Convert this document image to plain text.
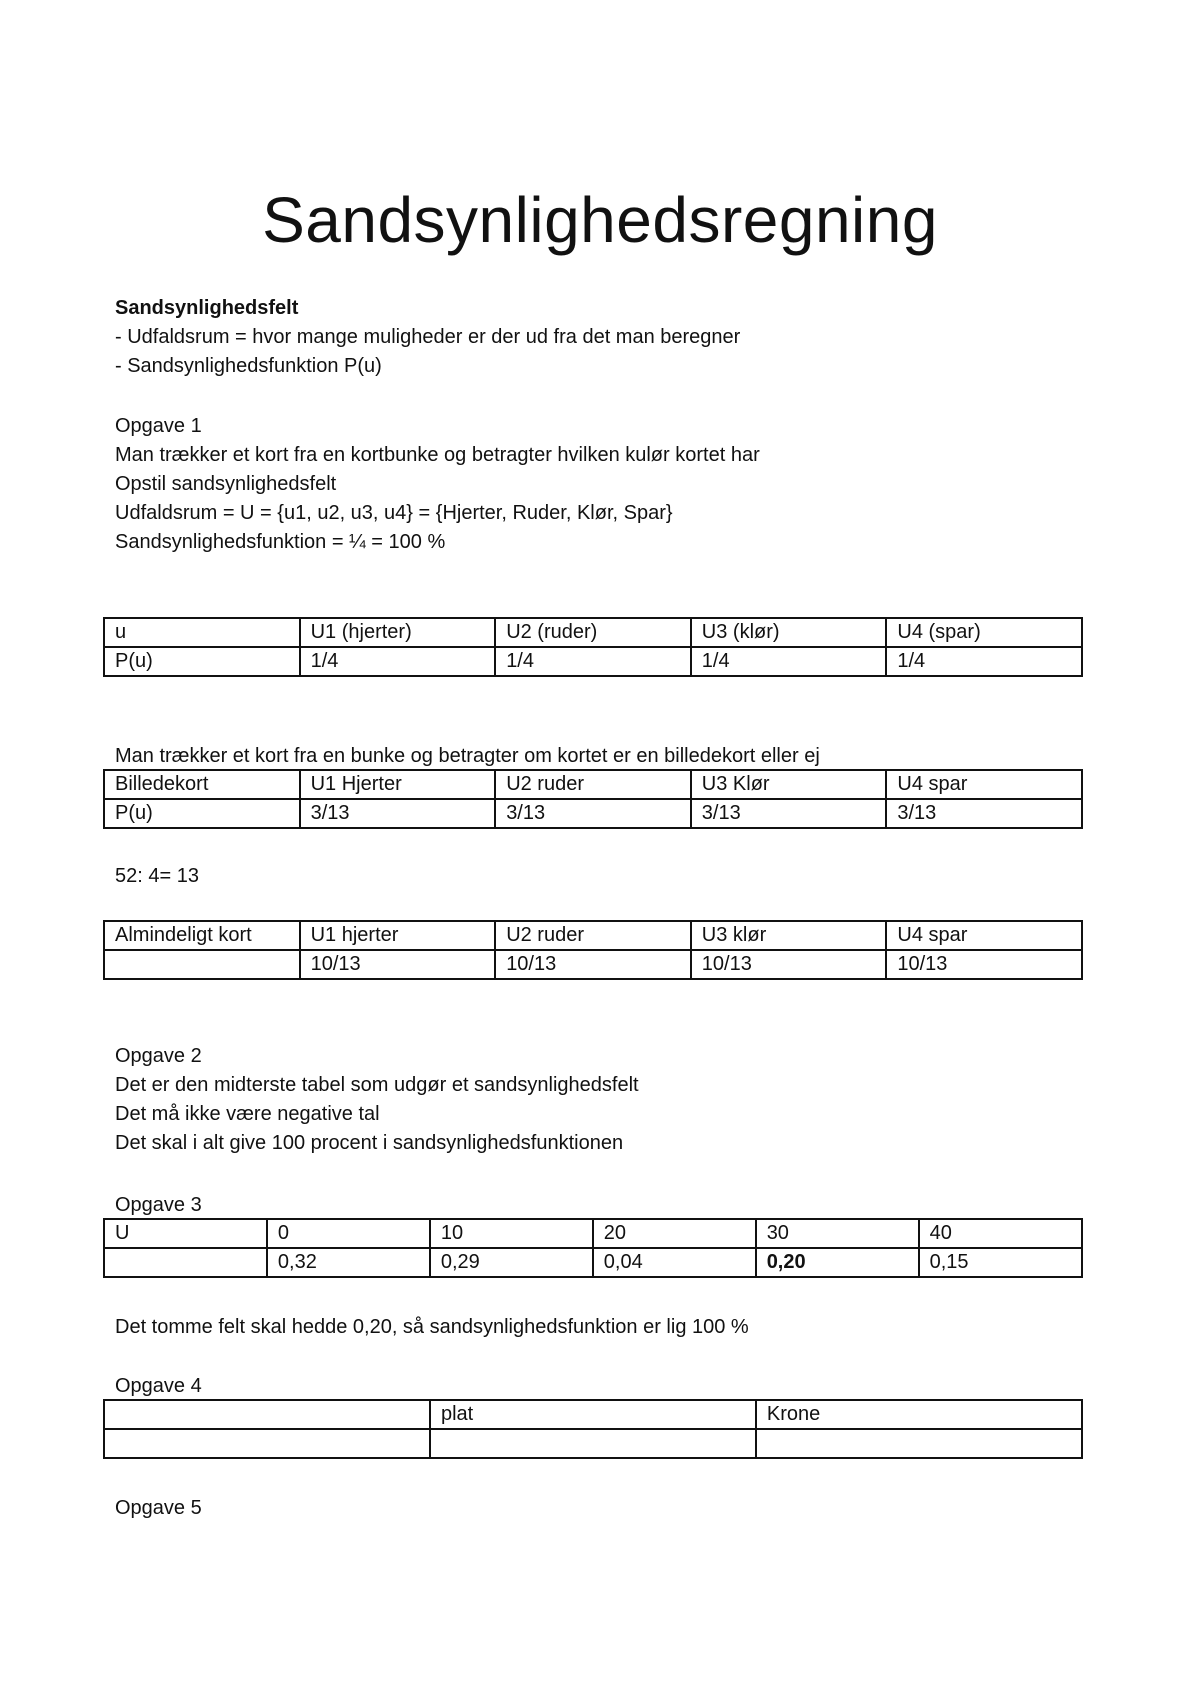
Sandsynlighedsregning
Sandsynlighedsfelt
- Udfaldsrum = hvor mange muligheder er der ud fra det man beregner
- Sandsynlighedsfunktion P(u)
Opgave 1
Man trækker et kort fra en kortbunke og betragter hvilken kulør kortet har
Opstil sandsynlighedsfelt
Udfaldsrum = U = {u1, u2, u3, u4} = {Hjerter, Ruder, Klør, Spar}
Sandsynlighedsfunktion = ¼ = 100 %
u	U1 (hjerter)	U2 (ruder)	U3 (klør)	U4 (spar)
P(u)	1/4	1/4	1/4	1/4
Man trækker et kort fra en bunke og betragter om kortet er en billedekort eller ej
Billedekort	U1 Hjerter	U2 ruder	U3 Klør	U4 spar
P(u)	3/13	3/13	3/13	3/13
52: 4= 13
Almindeligt kort	U1 hjerter	U2 ruder	U3 klør	U4 spar
	10/13	10/13	10/13	10/13
Opgave 2
Det er den midterste tabel som udgør et sandsynlighedsfelt
Det må ikke være negative tal
Det skal i alt give 100 procent i sandsynlighedsfunktionen
Opgave 3
U	0	10	20	30	40
	0,32	0,29	0,04	0,20	0,15
Det tomme felt skal hedde 0,20, så sandsynlighedsfunktion er lig 100 %
Opgave 4
	plat	Krone

Opgave 5
